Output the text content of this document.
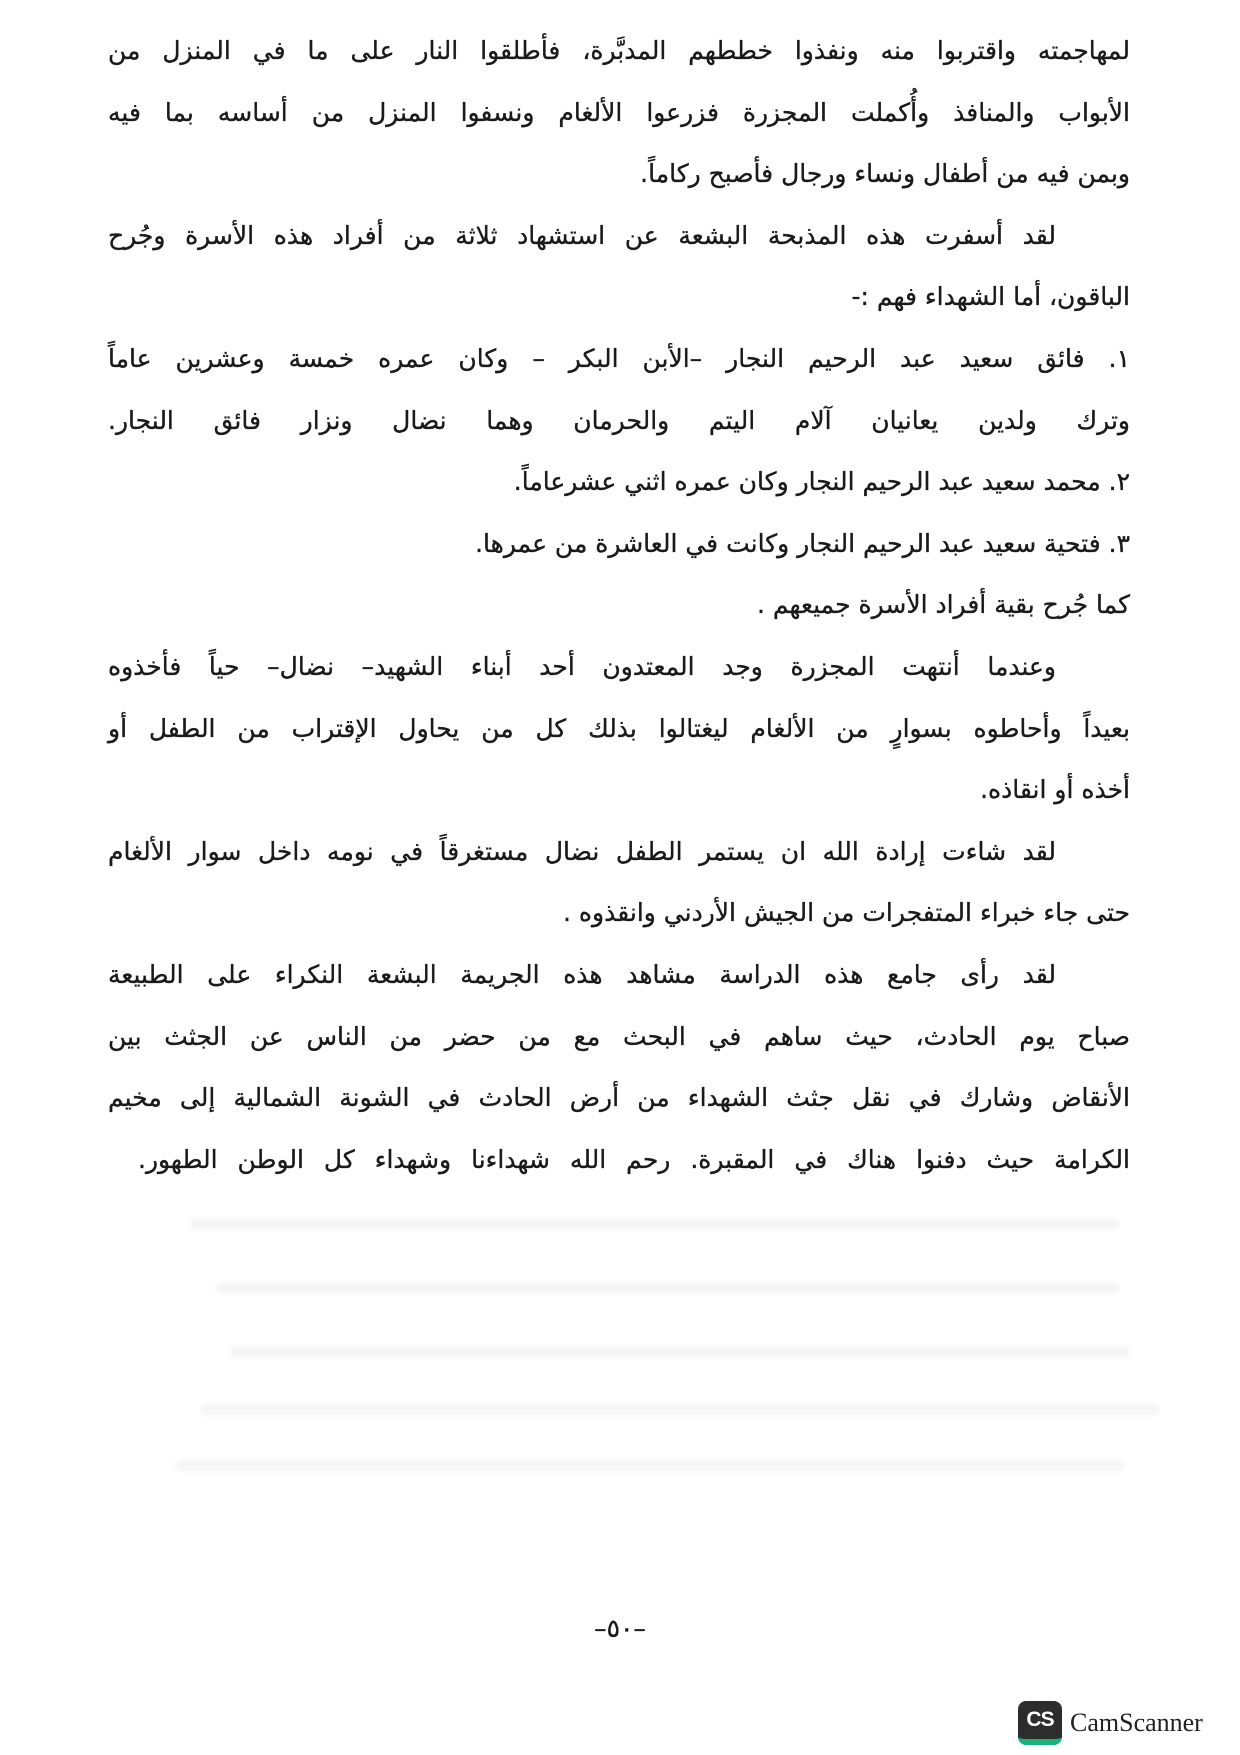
لمهاجمته واقتربوا منه ونفذوا خططهم المدبَّرة، فأطلقوا النار على ما في المنزل من
الأبواب والمنافذ وأُكملت المجزرة فزرعوا الألغام ونسفوا المنزل من أساسه بما فيه
وبمن فيه من أطفال ونساء ورجال فأصبح ركاماً.
لقد أسفرت هذه المذبحة البشعة عن استشهاد ثلاثة من أفراد هذه الأسرة وجُرح
الباقون، أما الشهداء فهم :-
١. فائق سعيد عبد الرحيم النجار –الأبن البكر – وكان عمره خمسة وعشرين عاماً
وترك ولدين يعانيان آلام اليتم والحرمان وهما نضال ونزار فائق النجار.
٢. محمد سعيد عبد الرحيم النجار وكان عمره اثني عشرعاماً.
٣. فتحية سعيد عبد الرحيم النجار وكانت في العاشرة من عمرها.
كما جُرح بقية أفراد الأسرة جميعهم .
وعندما أنتهت المجزرة وجد المعتدون أحد أبناء الشهيد– نضال– حياً فأخذوه
بعيداً وأحاطوه بسوارٍ من الألغام ليغتالوا بذلك كل من يحاول الإقتراب من الطفل أو
أخذه أو انقاذه.
لقد شاءت إرادة الله ان يستمر الطفل نضال مستغرقاً في نومه داخل سوار الألغام
حتى جاء خبراء المتفجرات من الجيش الأردني وانقذوه .
لقد رأى جامع هذه الدراسة مشاهد هذه الجريمة البشعة النكراء على الطبيعة
صباح يوم الحادث، حيث ساهم في البحث مع من حضر من الناس عن الجثث بين
الأنقاض وشارك في نقل جثث الشهداء من أرض الحادث في الشونة الشمالية إلى مخيم
الكرامة حيث دفنوا هناك في المقبرة. رحم الله شهداءنا وشهداء كل الوطن الطهور.
–٥٠–
CS CamScanner
